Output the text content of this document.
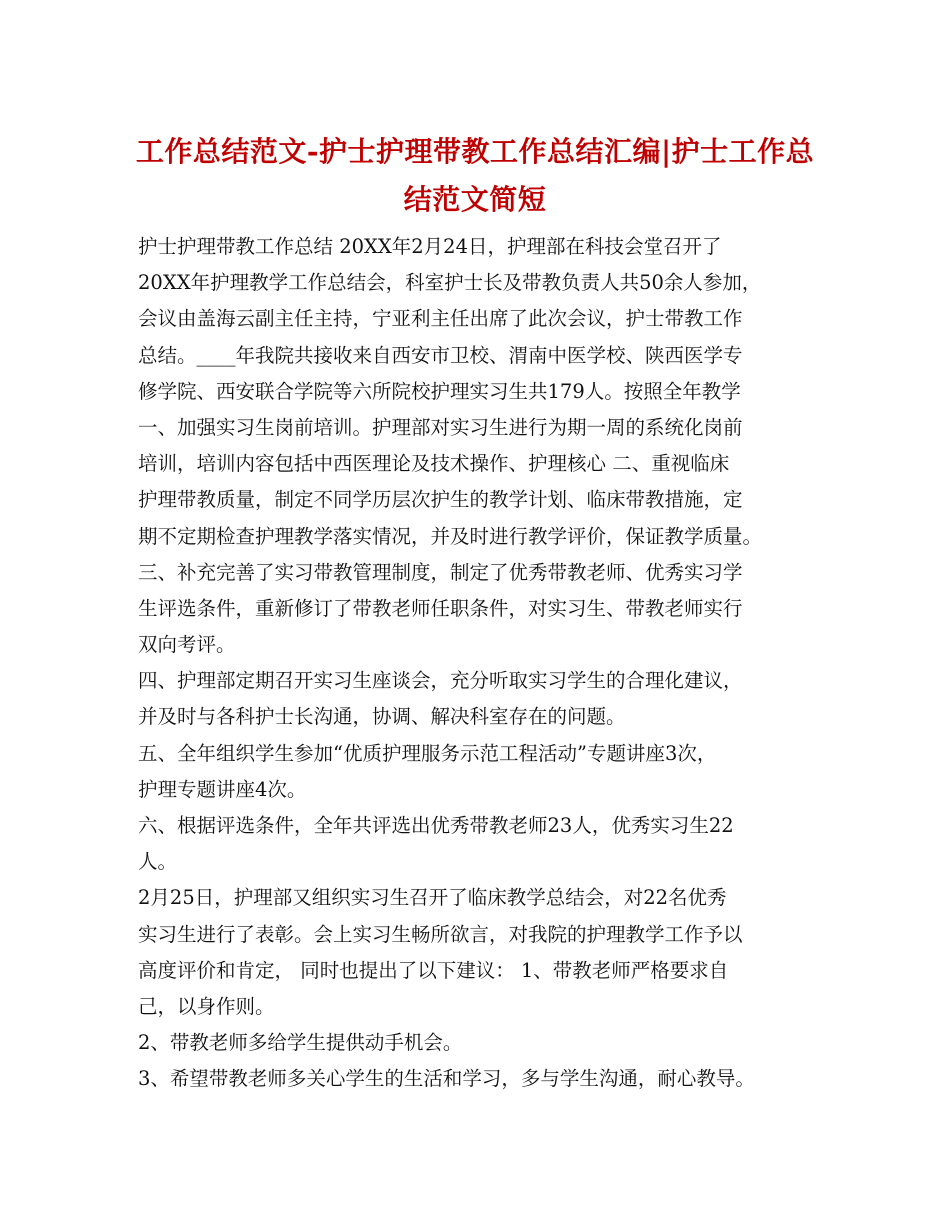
工作总结范文-护士护理带教工作总结汇编|护士工作总
结范文简短
护士护理带教工作总结 20XX年2月24日，护理部在科技会堂召开了
20XX年护理教学工作总结会，科室护士长及带教负责人共50余人参加，
会议由盖海云副主任主持，宁亚利主任出席了此次会议，护士带教工作
总结。____年我院共接收来自西安市卫校、渭南中医学校、陕西医学专
修学院、西安联合学院等六所院校护理实习生共179人。按照全年教学
一、加强实习生岗前培训。护理部对实习生进行为期一周的系统化岗前
培训，培训内容包括中西医理论及技术操作、护理核心 二、重视临床
护理带教质量，制定不同学历层次护生的教学计划、临床带教措施，定
期不定期检查护理教学落实情况，并及时进行教学评价，保证教学质量。
三、补充完善了实习带教管理制度，制定了优秀带教老师、优秀实习学
生评选条件，重新修订了带教老师任职条件，对实习生、带教老师实行
双向考评。
四、护理部定期召开实习生座谈会，充分听取实习学生的合理化建议，
并及时与各科护士长沟通，协调、解决科室存在的问题。
五、全年组织学生参加“优质护理服务示范工程活动”专题讲座3次，
护理专题讲座4次。
六、根据评选条件，全年共评选出优秀带教老师23人，优秀实习生22
人。
2月25日，护理部又组织实习生召开了临床教学总结会，对22名优秀
实习生进行了表彰。会上实习生畅所欲言，对我院的护理教学工作予以
高度评价和肯定， 同时也提出了以下建议： 1、带教老师严格要求自
己，以身作则。
2、带教老师多给学生提供动手机会。
3、希望带教老师多关心学生的生活和学习，多与学生沟通，耐心教导。
